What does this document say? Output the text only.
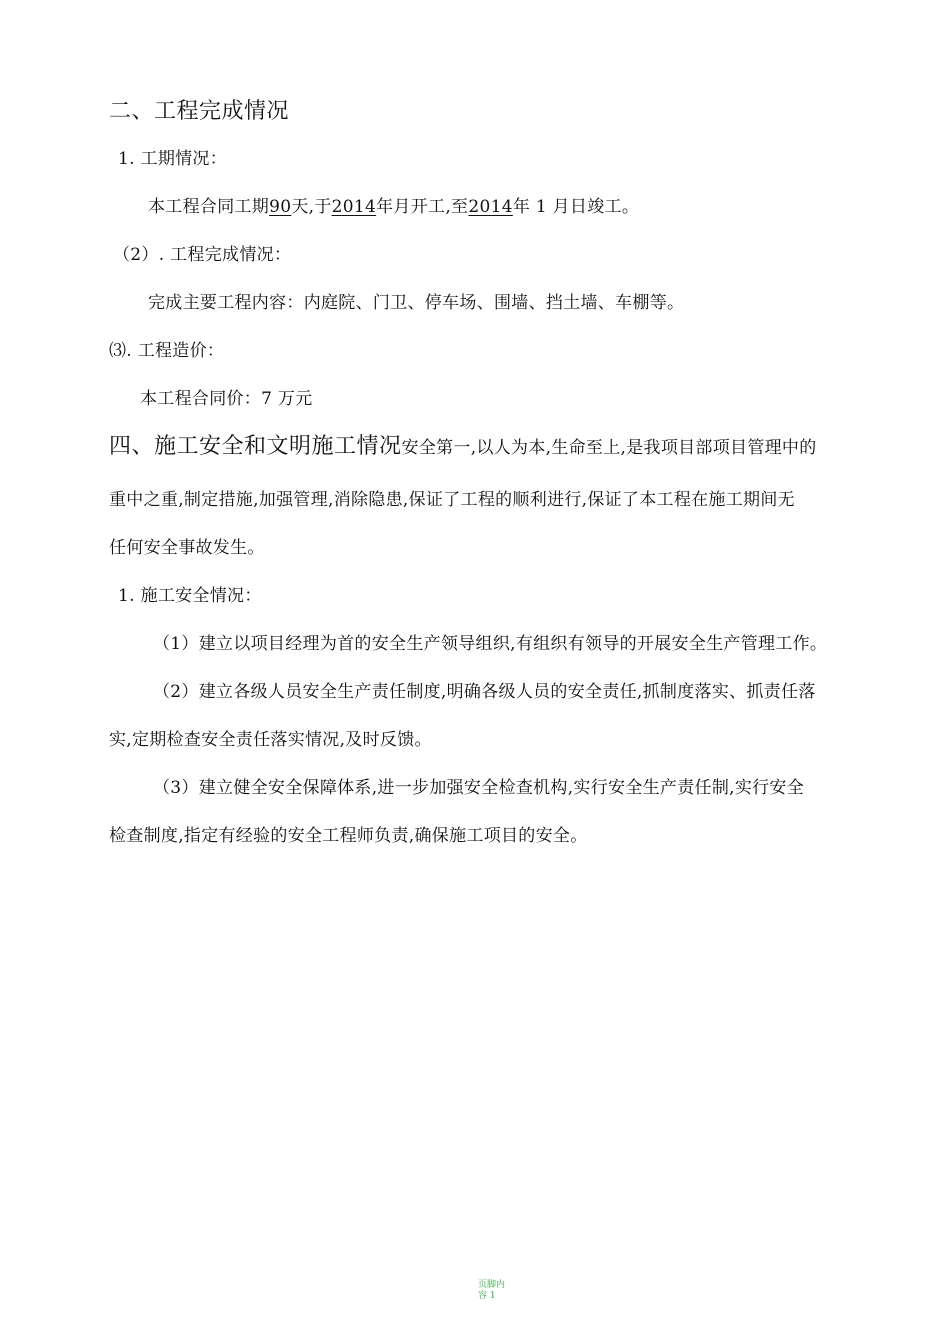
二、工程完成情况
1. 工期情况：
本工程合同工期90天,于2014年月开工,至2014年 1 月日竣工。
（2）. 工程完成情况：
完成主要工程内容：内庭院、门卫、停车场、围墙、挡土墙、车棚等。
⑶. 工程造价：
本工程合同价：7 万元
四、施工安全和文明施工情况安全第一,以人为本,生命至上,是我项目部项目管理中的
重中之重,制定措施,加强管理,消除隐患,保证了工程的顺利进行,保证了本工程在施工期间无
任何安全事故发生。
1. 施工安全情况：
（1）建立以项目经理为首的安全生产领导组织,有组织有领导的开展安全生产管理工作。
（2）建立各级人员安全生产责任制度,明确各级人员的安全责任,抓制度落实、抓责任落
实,定期检查安全责任落实情况,及时反馈。
（3）建立健全安全保障体系,进一步加强安全检查机构,实行安全生产责任制,实行安全
检查制度,指定有经验的安全工程师负责,确保施工项目的安全。
页脚内容 1
